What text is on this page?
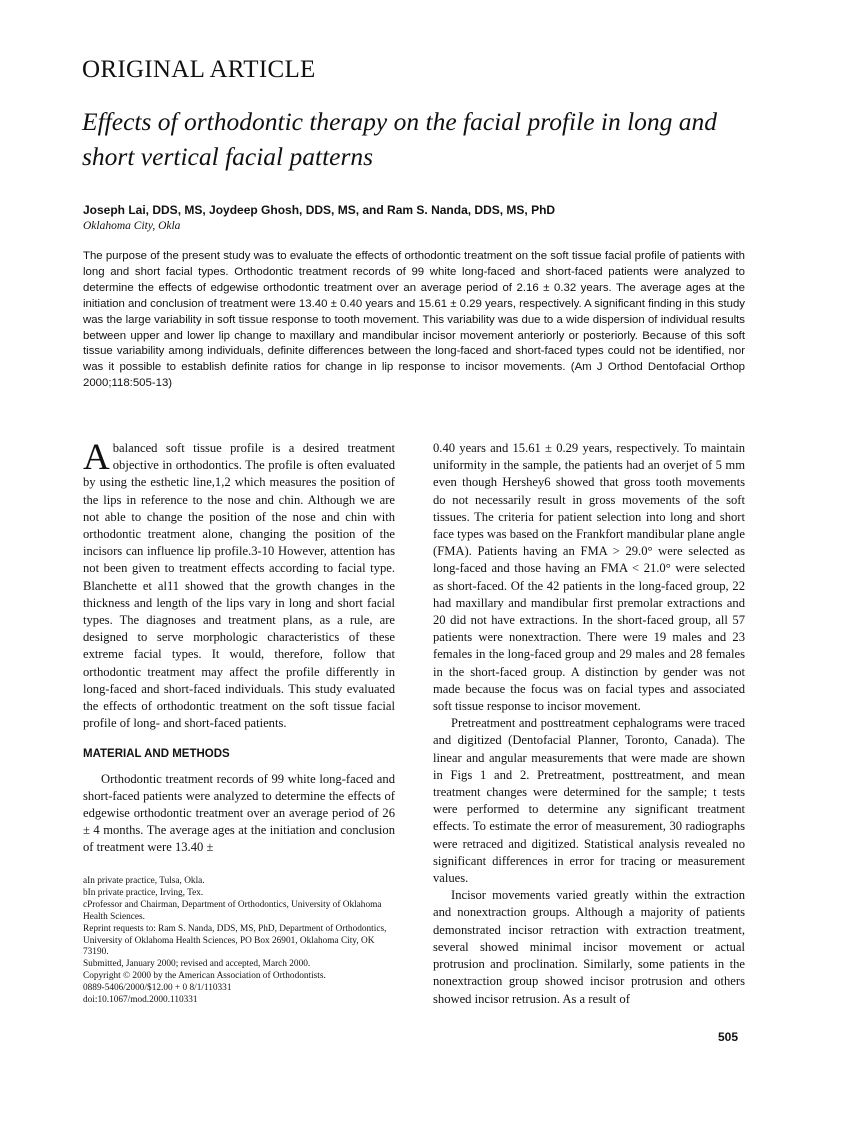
ORIGINAL ARTICLE
Effects of orthodontic therapy on the facial profile in long and short vertical facial patterns
Joseph Lai, DDS, MS, Joydeep Ghosh, DDS, MS, and Ram S. Nanda, DDS, MS, PhD
Oklahoma City, Okla
The purpose of the present study was to evaluate the effects of orthodontic treatment on the soft tissue facial profile of patients with long and short facial types. Orthodontic treatment records of 99 white long-faced and short-faced patients were analyzed to determine the effects of edgewise orthodontic treatment over an average period of 2.16 ± 0.32 years. The average ages at the initiation and conclusion of treatment were 13.40 ± 0.40 years and 15.61 ± 0.29 years, respectively. A significant finding in this study was the large variability in soft tissue response to tooth movement. This variability was due to a wide dispersion of individual results between upper and lower lip change to maxillary and mandibular incisor movement anteriorly or posteriorly. Because of this soft tissue variability among individuals, definite differences between the long-faced and short-faced types could not be identified, nor was it possible to establish definite ratios for change in lip response to incisor movements. (Am J Orthod Dentofacial Orthop 2000;118:505-13)

Abalanced soft tissue profile is a desired treatment objective in orthodontics. The profile is often evaluated by using the esthetic line,1,2 which measures the position of the lips in reference to the nose and chin. Although we are not able to change the position of the nose and chin with orthodontic treatment alone, changing the position of the incisors can influence lip profile.3-10 However, attention has not been given to treatment effects according to facial type. Blanchette et al11 showed that the growth changes in the thickness and length of the lips vary in long and short facial types. The diagnoses and treatment plans, as a rule, are designed to serve morphologic characteristics of these extreme facial types. It would, therefore, follow that orthodontic treatment may affect the profile differently in long-faced and short-faced individuals. This study evaluated the effects of orthodontic treatment on the soft tissue facial profile of long- and short-faced patients.

MATERIAL AND METHODS

Orthodontic treatment records of 99 white long-faced and short-faced patients were analyzed to determine the effects of edgewise orthodontic treatment over an average period of 26 ± 4 months. The average ages at the initiation and conclusion of treatment were 13.40 ±

0.40 years and 15.61 ± 0.29 years, respectively. To maintain uniformity in the sample, the patients had an overjet of 5 mm even though Hershey6 showed that gross tooth movements do not necessarily result in gross movements of the soft tissues. The criteria for patient selection into long and short face types was based on the Frankfort mandibular plane angle (FMA). Patients having an FMA > 29.0° were selected as long-faced and those having an FMA < 21.0° were selected as short-faced. Of the 42 patients in the long-faced group, 22 had maxillary and mandibular first premolar extractions and 20 did not have extractions. In the short-faced group, all 57 patients were nonextraction. There were 19 males and 23 females in the long-faced group and 29 males and 28 females in the short-faced group. A distinction by gender was not made because the focus was on facial types and associated soft tissue response to incisor movement.

Pretreatment and posttreatment cephalograms were traced and digitized (Dentofacial Planner, Toronto, Canada). The linear and angular measurements that were made are shown in Figs 1 and 2. Pretreatment, posttreatment, and mean treatment changes were determined for the sample; t tests were performed to determine any significant treatment effects. To estimate the error of measurement, 30 radiographs were retraced and digitized. Statistical analysis revealed no significant differences in error for tracing or measurement values.

Incisor movements varied greatly within the extraction and nonextraction groups. Although a majority of patients demonstrated incisor retraction with extraction treatment, several showed minimal incisor movement or actual protrusion and proclination. Similarly, some patients in the nonextraction group showed incisor protrusion and others showed incisor retrusion. As a result of

aIn private practice, Tulsa, Okla.
bIn private practice, Irving, Tex.
cProfessor and Chairman, Department of Orthodontics, University of Oklahoma Health Sciences.
Reprint requests to: Ram S. Nanda, DDS, MS, PhD, Department of Orthodontics, University of Oklahoma Health Sciences, PO Box 26901, Oklahoma City, OK 73190.
Submitted, January 2000; revised and accepted, March 2000.
Copyright © 2000 by the American Association of Orthodontists.
0889-5406/2000/$12.00 + 0 8/1/110331
doi:10.1067/mod.2000.110331
505
